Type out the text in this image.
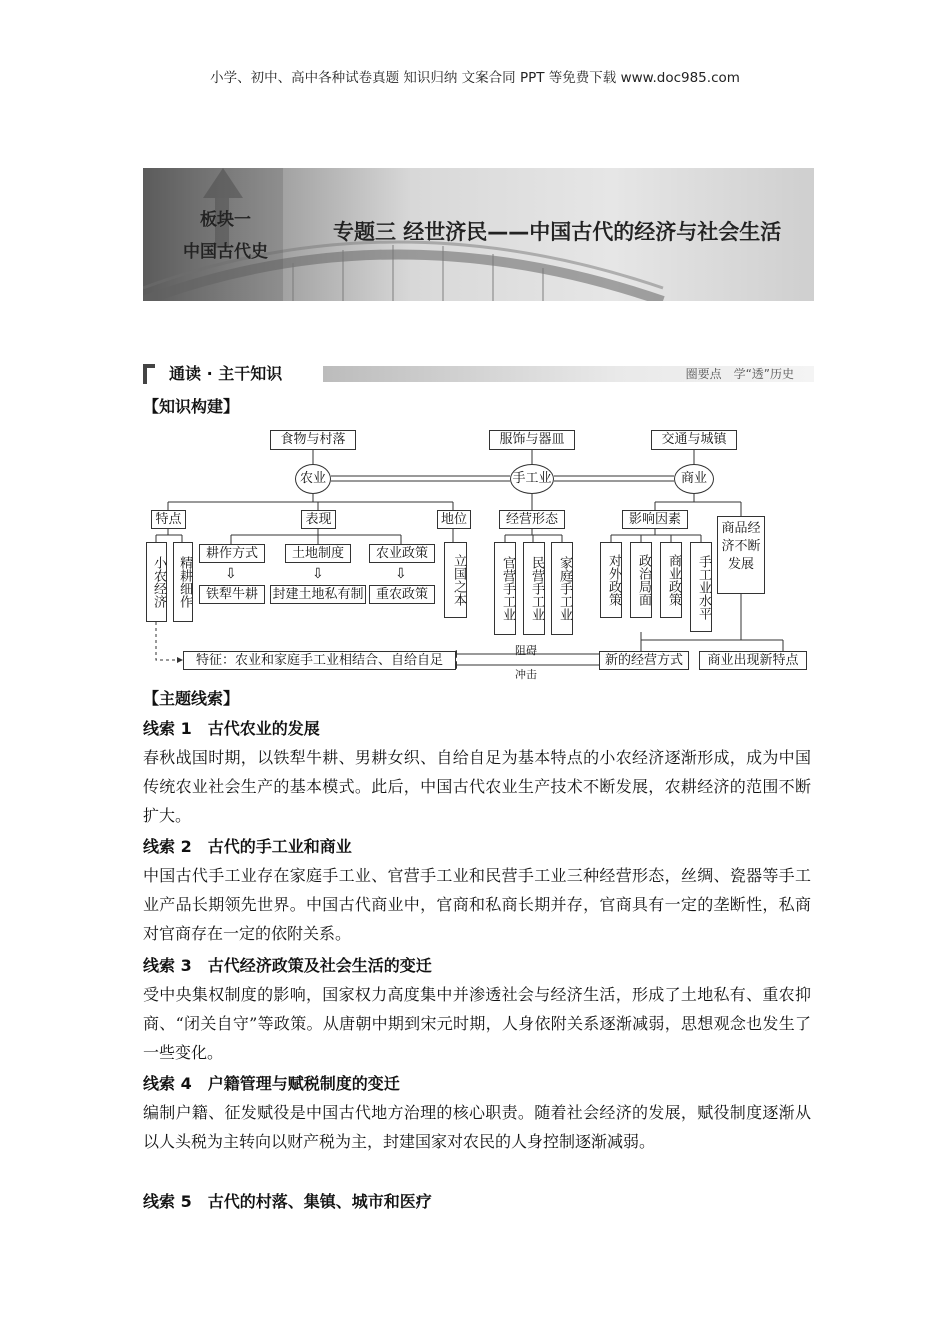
小学、初中、高中各种试卷真题 知识归纳 文案合同 PPT 等免费下载 www.doc985.com
板块一
中国古代史
专题三 经世济民——中国古代的经济与社会生活
通读 · 主干知识	圈要点　学“透”历史
【知识构建】
食物与村落	服饰与器皿	交通与城镇
农业	手工业	商业
特点	表现	地位
小农经济 精耕细作
耕作方式	土地制度	农业政策
⇩	⇩	⇩
铁犁牛耕	封建土地私有制 重农政策	立国之本
经营形态
官营手工业	民营手工业	家庭手工业
影响因素
对外政策	政治局面	商业政策	手工业水平
商品经济不断发展
特征：农业和家庭手工业相结合、自给自足
阻碍
冲击
新的经营方式	商业出现新特点
【主题线索】
线索 1　古代农业的发展
春秋战国时期，以铁犁牛耕、男耕女织、自给自足为基本特点的小农经济逐渐形成，成为中国传统农业社会生产的基本模式。此后，中国古代农业生产技术不断发展，农耕经济的范围不断扩大。
线索 2　古代的手工业和商业
中国古代手工业存在家庭手工业、官营手工业和民营手工业三种经营形态，丝绸、瓷器等手工业产品长期领先世界。中国古代商业中，官商和私商长期并存，官商具有一定的垄断性，私商对官商存在一定的依附关系。
线索 3　古代经济政策及社会生活的变迁
受中央集权制度的影响，国家权力高度集中并渗透社会与经济生活，形成了土地私有、重农抑商、“闭关自守”等政策。从唐朝中期到宋元时期，人身依附关系逐渐减弱，思想观念也发生了一些变化。
线索 4　户籍管理与赋税制度的变迁
编制户籍、征发赋役是中国古代地方治理的核心职责。随着社会经济的发展，赋役制度逐渐从以人头税为主转向以财产税为主，封建国家对农民的人身控制逐渐减弱。
线索 5　古代的村落、集镇、城市和医疗
